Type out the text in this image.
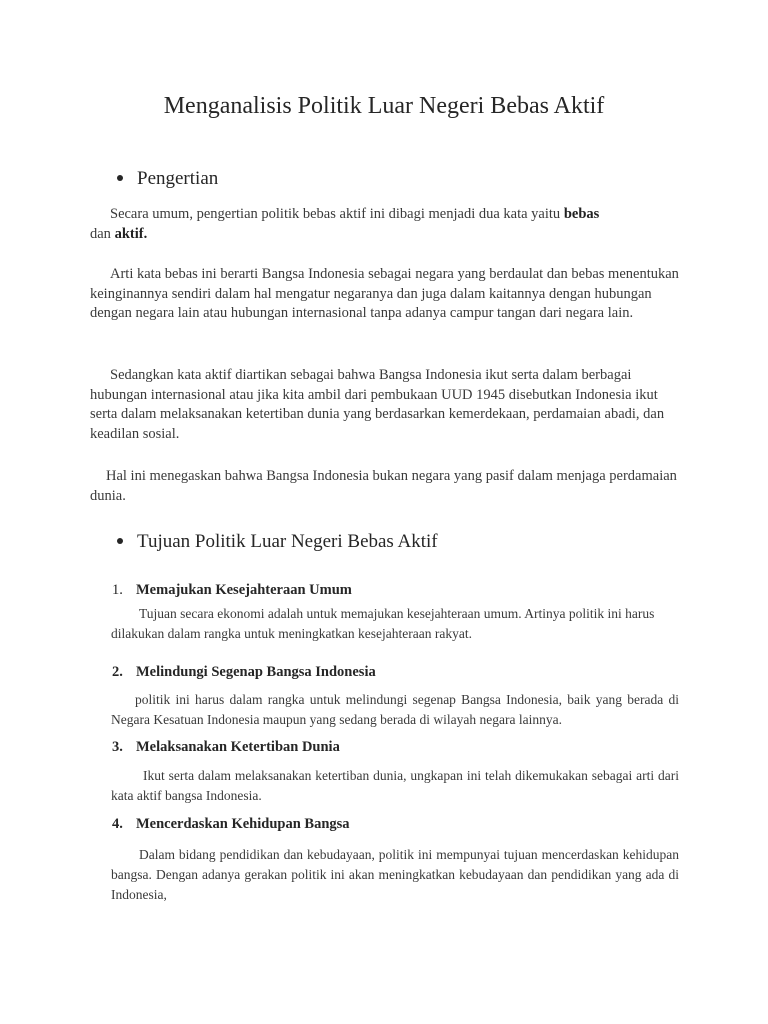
Menganalisis Politik Luar Negeri Bebas Aktif
Pengertian
Secara umum, pengertian politik bebas aktif ini dibagi menjadi dua kata yaitu bebas
dan aktif.
Arti kata bebas ini berarti Bangsa Indonesia sebagai negara yang berdaulat dan bebas menentukan keinginannya sendiri dalam hal mengatur negaranya dan juga dalam kaitannya dengan hubungan dengan negara lain atau hubungan internasional tanpa adanya campur tangan dari negara lain.
Sedangkan kata aktif diartikan sebagai bahwa Bangsa Indonesia ikut serta dalam berbagai hubungan internasional atau jika kita ambil dari pembukaan UUD 1945 disebutkan Indonesia ikut serta dalam melaksanakan ketertiban dunia yang berdasarkan kemerdekaan, perdamaian abadi, dan keadilan sosial.
Hal ini menegaskan bahwa Bangsa Indonesia bukan negara yang pasif dalam menjaga perdamaian dunia.
Tujuan Politik Luar Negeri Bebas Aktif
1. Memajukan Kesejahteraan Umum
Tujuan secara ekonomi adalah untuk memajukan kesejahteraan umum. Artinya politik ini harus dilakukan dalam rangka untuk meningkatkan kesejahteraan rakyat.
2. Melindungi Segenap Bangsa Indonesia
politik ini harus dalam rangka untuk melindungi segenap Bangsa Indonesia, baik yang berada di Negara Kesatuan Indonesia maupun yang sedang berada di wilayah negara lainnya.
3. Melaksanakan Ketertiban Dunia
Ikut serta dalam melaksanakan ketertiban dunia, ungkapan ini telah dikemukakan sebagai arti dari kata aktif bangsa Indonesia.
4. Mencerdaskan Kehidupan Bangsa
Dalam bidang pendidikan dan kebudayaan, politik ini mempunyai tujuan mencerdaskan kehidupan bangsa. Dengan adanya gerakan politik ini akan meningkatkan kebudayaan dan pendidikan yang ada di Indonesia,
